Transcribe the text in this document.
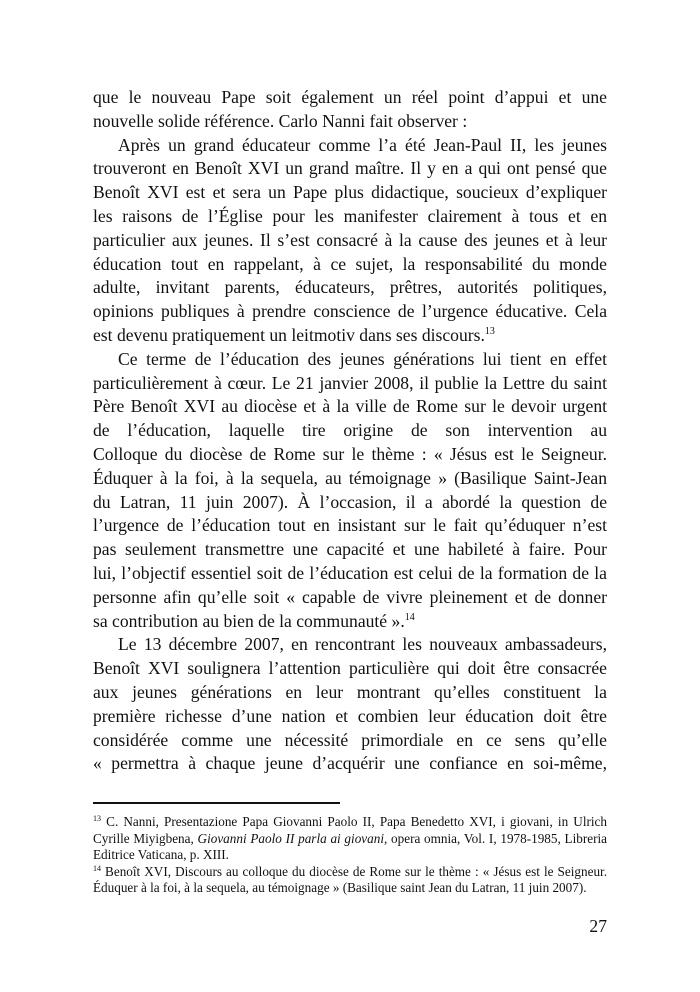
que le nouveau Pape soit également un réel point d’appui et une
nouvelle solide référence. Carlo Nanni fait observer :
Après un grand éducateur comme l’a été Jean-Paul II, les jeunes
trouveront en Benoît XVI un grand maître. Il y en a qui ont pensé que
Benoît XVI est et sera un Pape plus didactique, soucieux d’expliquer
les raisons de l’Église pour les manifester clairement à tous et en
particulier aux jeunes. Il s’est consacré à la cause des jeunes et à leur
éducation tout en rappelant, à ce sujet, la responsabilité du monde
adulte, invitant parents, éducateurs, prêtres, autorités politiques,
opinions publiques à prendre conscience de l’urgence éducative. Cela
est devenu pratiquement un leitmotiv dans ses discours.$^{13}$
Ce terme de l’éducation des jeunes générations lui tient en effet
particulièrement à cœur. Le 21 janvier 2008, il publie la Lettre du saint
Père Benoît XVI au diocèse et à la ville de Rome sur le devoir urgent
de l’éducation, laquelle tire origine de son intervention au
Colloque du diocèse de Rome sur le thème : « Jésus est le Seigneur.
Éduquer à la foi, à la sequela, au témoignage » (Basilique Saint-Jean
du Latran, 11 juin 2007). À l’occasion, il a abordé la question de
l’urgence de l’éducation tout en insistant sur le fait qu’éduquer n’est
pas seulement transmettre une capacité et une habileté à faire. Pour
lui, l’objectif essentiel soit de l’éducation est celui de la formation de la
personne afin qu’elle soit « capable de vivre pleinement et de donner
sa contribution au bien de la communauté ».$^{14}$
Le 13 décembre 2007, en rencontrant les nouveaux ambassadeurs,
Benoît XVI soulignera l’attention particulière qui doit être consacrée
aux jeunes générations en leur montrant qu’elles constituent la
première richesse d’une nation et combien leur éducation doit être
considérée comme une nécessité primordiale en ce sens qu’elle
« permettra à chaque jeune d’acquérir une confiance en soi-même,
$^{13}$ C. Nanni, Presentazione Papa Giovanni Paolo II, Papa Benedetto XVI, i giovani, in Ulrich Cyrille Miyigbena, Giovanni Paolo II parla ai giovani, opera omnia, Vol. I, 1978-1985, Libreria Editrice Vaticana, p. XIII.
$^{14}$ Benoît XVI, Discours au colloque du diocèse de Rome sur le thème : « Jésus est le Seigneur. Éduquer à la foi, à la sequela, au témoignage » (Basilique saint Jean du Latran, 11 juin 2007).
27
